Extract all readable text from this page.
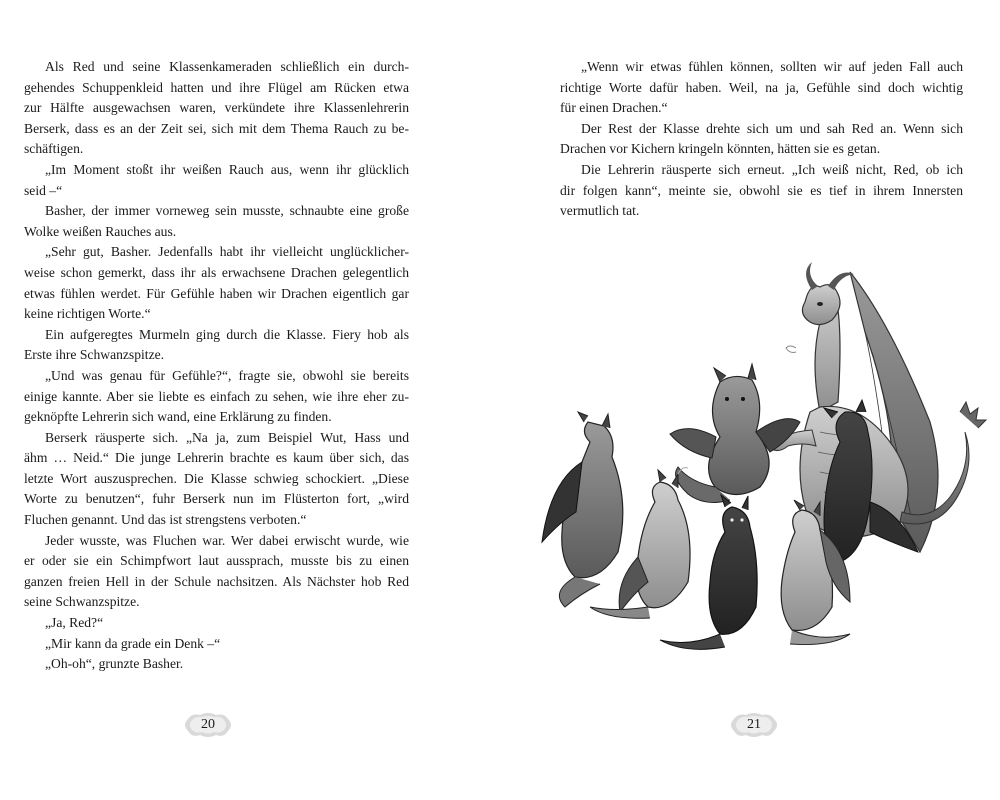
Als Red und seine Klassenkameraden schließlich ein durch-

gehendes Schuppenkleid hatten und ihre Flügel am Rücken etwa

zur Hälfte ausgewachsen waren, verkündete ihre Klassenlehrerin

Berserk, dass es an der Zeit sei, sich mit dem Thema Rauch zu be-

schäftigen.

„Im Moment stoßt ihr weißen Rauch aus, wenn ihr glücklich

seid –“

Basher, der immer vorneweg sein musste, schnaubte eine große

Wolke weißen Rauches aus.

„Sehr gut, Basher. Jedenfalls habt ihr vielleicht unglücklicher-

weise schon gemerkt, dass ihr als erwachsene Drachen gelegentlich

etwas fühlen werdet. Für Gefühle haben wir Drachen eigentlich gar

keine richtigen Worte.“

Ein aufgeregtes Murmeln ging durch die Klasse. Fiery hob als

Erste ihre Schwanzspitze.

„Und was genau für Gefühle?“, fragte sie, obwohl sie bereits

einige kannte. Aber sie liebte es einfach zu sehen, wie ihre eher zu-

geknöpfte Lehrerin sich wand, eine Erklärung zu finden.

Berserk räusperte sich. „Na ja, zum Beispiel Wut, Hass und

ähm … Neid.“ Die junge Lehrerin brachte es kaum über sich, das

letzte Wort auszusprechen. Die Klasse schwieg schockiert. „Diese

Worte zu benutzen“, fuhr Berserk nun im Flüsterton fort, „wird

Fluchen genannt. Und das ist strengstens verboten.“

Jeder wusste, was Fluchen war. Wer dabei erwischt wurde, wie

er oder sie ein Schimpfwort laut aussprach, musste bis zu einen

ganzen freien Hell in der Schule nachsitzen. Als Nächster hob Red

seine Schwanzspitze.

„Ja, Red?“

„Mir kann da grade ein Denk –“

„Oh-oh“, grunzte Basher.

20

„Wenn wir etwas fühlen können, sollten wir auf jeden Fall auch

richtige Worte dafür haben. Weil, na ja, Gefühle sind doch wichtig

für einen Drachen.“

Der Rest der Klasse drehte sich um und sah Red an. Wenn sich

Drachen vor Kichern kringeln könnten, hätten sie es getan.

Die Lehrerin räusperte sich erneut. „Ich weiß nicht, Red, ob ich

dir folgen kann“, meinte sie, obwohl sie es tief in ihrem Innersten

vermutlich tat.

21
